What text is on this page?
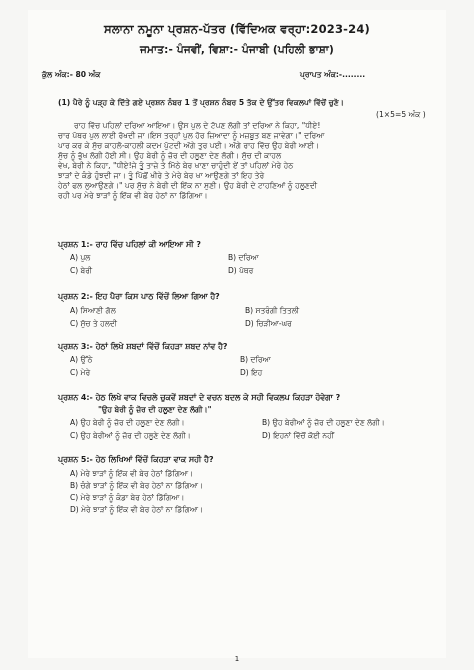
ਸਲਾਨਾ ਨਮੂਨਾ ਪ੍ਰਸ਼ਨ-ਪੱਤਰ (ਵਿੱਦਿਅਕ ਵਰ੍ਹਾ:2023-24)
ਜਮਾਤ:- ਪੰਜਵੀਂ, ਵਿਸ਼ਾ:- ਪੰਜਾਬੀ (ਪਹਿਲੀ ਭਾਸ਼ਾ)
ਕੁੱਲ ਅੰਕ:- 80 ਅੰਕ	ਪ੍ਰਾਪਤ ਅੰਕ:-........
(1) ਪੈਰੇ ਨੂੰ ਪੜ੍ਹ ਕੇ ਦਿੱਤੇ ਗਏ ਪ੍ਰਸ਼ਨ ਨੰਬਰ 1 ਤੋਂ ਪ੍ਰਸ਼ਨ ਨੰਬਰ 5 ਤੱਕ ਦੇ ਉੱਤਰ ਵਿਕਲਪਾਂ ਵਿੱਚੋਂ ਚੁਣੋ।
(1×5=5 ਅੰਕ )
ਰਾਹ ਵਿੱਚ ਪਹਿਲਾਂ ਦਰਿਆ ਆਇਆ। ਉਸ ਪੁਲ ਦੇ ਟੱਪਣ ਲੱਗੀ ਤਾਂ ਦਰਿਆ ਨੇ ਕਿਹਾ, "ਧੀਏ!
ਚਾਰ ਪੱਥਰ ਪੁਲ ਲਾਈ ਰੱਖਦੀ ਜਾ।ਇਸ ਤਰ੍ਹਾਂ ਪੁਲ ਹੋਰ ਜ਼ਿਆਦਾ ਨੂੰ ਮਜ਼ਬੂਤ ਬਣ ਜਾਵੇਗਾ।" ਦਰਿਆ
ਪਾਰ ਕਰ ਕੇ ਸੁੱਚ ਕਾਹਲੋ-ਕਾਹਲੀ ਕਦਮ ਪੁੱਟਦੀ ਅੱਗੇ ਤੁਰ ਪਈ। ਅੱਗੇ ਰਾਹ ਵਿੱਚ ਉਹ ਬੇਰੀ ਆਈ।
ਸੁੱਚ ਨੂੰ ਭੁੱਖ ਲੱਗੀ ਹੋਈ ਸੀ। ਉਹ ਬੇਰੀ ਨੂੰ ਜ਼ੋਰ ਦੀ ਹਲੂਣਾ ਦੇਣ ਲੱਗੀ। ਸੁੱਚ ਦੀ ਕਾਹਲ
ਵੇਖ, ਬੇਰੀ ਨੇ ਕਿਹਾ, "ਧੀਏ!ਜੇ ਤੂੰ ਤਾਜ਼ੇ ਤੇ ਮਿੱਠੇ ਬੇਰ ਖਾਣਾ ਚਾਹੁੰਦੀ ਏਂ ਤਾਂ ਪਹਿਲਾਂ ਮੇਰੇ ਹੇਠ
ਝਾੜਾਂ ਦੇ ਕੰਡੇ ਹੁੰਝਦੀ ਜਾ। ਤੂੰ ਪਿੱਛੋਂ ਖੀਰੇ ਤੇ ਮੇਰੇ ਬੇਰ ਖਾ ਆਉਣਗੇ ਤਾਂ ਇਹ ਤੇਰੇ
ਹੇਠਾਂ ਫਲ ਲੁਆਉਣਗੇ।" ਪਰ ਸੁੱਚ ਨੇ ਬੇਰੀ ਦੀ ਇੱਕ ਨਾ ਸੁਣੀ। ਉਹ ਬੇਰੀ ਦੇ ਟਾਹਣਿਆਂ ਨੂੰ ਹਲੂਣਦੀ
ਰਹੀ ਪਰ ਮੇਰੇ ਝਾੜਾਂ ਨੂੰ ਇੱਕ ਵੀ ਬੇਰ ਹੇਠਾਂ ਨਾ ਡਿੱਗਿਆ।
ਪ੍ਰਸ਼ਨ 1:- ਰਾਹ ਵਿੱਚ ਪਹਿਲਾਂ ਕੀ ਆਇਆ ਸੀ ?
A) ਪੁਲ	B) ਦਰਿਆ
C) ਬੇਰੀ	D) ਪੱਥਰ
ਪ੍ਰਸ਼ਨ 2:- ਇਹ ਪੈਰਾ ਕਿਸ ਪਾਠ ਵਿੱਚੋਂ ਲਿਆ ਗਿਆ ਹੈ?
A) ਸਿਆਣੀ ਗੱਲ	B) ਸਤਰੰਗੀ ਤਿਤਲੀ
C) ਸੁੱਚ ਤੇ ਹਲਦੀ	D) ਚਿੜੀਆ-ਘਰ
ਪ੍ਰਸ਼ਨ 3:- ਹੇਠਾਂ ਲਿਖੇ ਸ਼ਬਦਾਂ ਵਿੱਚੋਂ ਕਿਹੜਾ ਸ਼ਬਦ ਨਾਂਵ ਹੈ?
A) ਉੱਠੇ	B) ਦਰਿਆ
C) ਮੇਰੇ	D) ਇਹ
ਪ੍ਰਸ਼ਨ 4:- ਹੇਠ ਲਿਖੇ ਵਾਕ ਵਿਚਲੇ ਚੁਕਵੇਂ ਸ਼ਬਦਾਂ ਦੇ ਵਚਨ ਬਦਲ ਕੇ ਸਹੀ ਵਿਕਲਪ ਕਿਹੜਾ ਹੋਵੇਗਾ ?
"ਉਹ ਬੇਰੀ ਨੂੰ ਜ਼ੋਰ ਦੀ ਹਲੂਣਾ ਦੇਣ ਲੱਗੀ।"
A) ਉਹ ਬੇਰੀ ਨੂੰ ਜ਼ੋਰ ਦੀ ਹਲੂਣਾ ਦੇਣ ਲੱਗੀ।	B) ਉਹ ਬੇਰੀਆਂ ਨੂੰ ਜ਼ੋਰ ਦੀ ਹਲੂਣਾ ਦੇਣ ਲੱਗੀ।
C) ਉਹ ਬੇਰੀਆਂ ਨੂੰ ਜ਼ੋਰ ਦੀ ਹਲੂਣੇ ਦੇਣ ਲੱਗੀ।	D) ਇਹਨਾਂ ਵਿੱਚੋਂ ਕੋਈ ਨਹੀਂ
ਪ੍ਰਸ਼ਨ 5:- ਹੇਠ ਲਿਖਿਆਂ ਵਿੱਚੋਂ ਕਿਹੜਾ ਵਾਕ ਸਹੀ ਹੈ?
A) ਮੇਰੇ ਝਾੜਾਂ ਨੂੰ ਇੱਕ ਵੀ ਬੇਰ ਹੇਠਾਂ ਡਿੱਗਿਆ।
B) ਚੰਗੇ ਝਾੜਾਂ ਨੂੰ ਇੱਕ ਵੀ ਬੇਰ ਹੇਠਾਂ ਨਾ ਡਿੱਗਿਆ।
C) ਮੇਰੇ ਝਾੜਾਂ ਨੂੰ ਕੰਡਾ ਬੇਰ ਹੇਠਾਂ ਡਿੱਗਿਆ।
D) ਮੇਰੇ ਝਾੜਾਂ ਨੂੰ ਇੱਕ ਵੀ ਬੇਰ ਹੇਠਾਂ ਨਾ ਡਿੱਗਿਆ।
1
